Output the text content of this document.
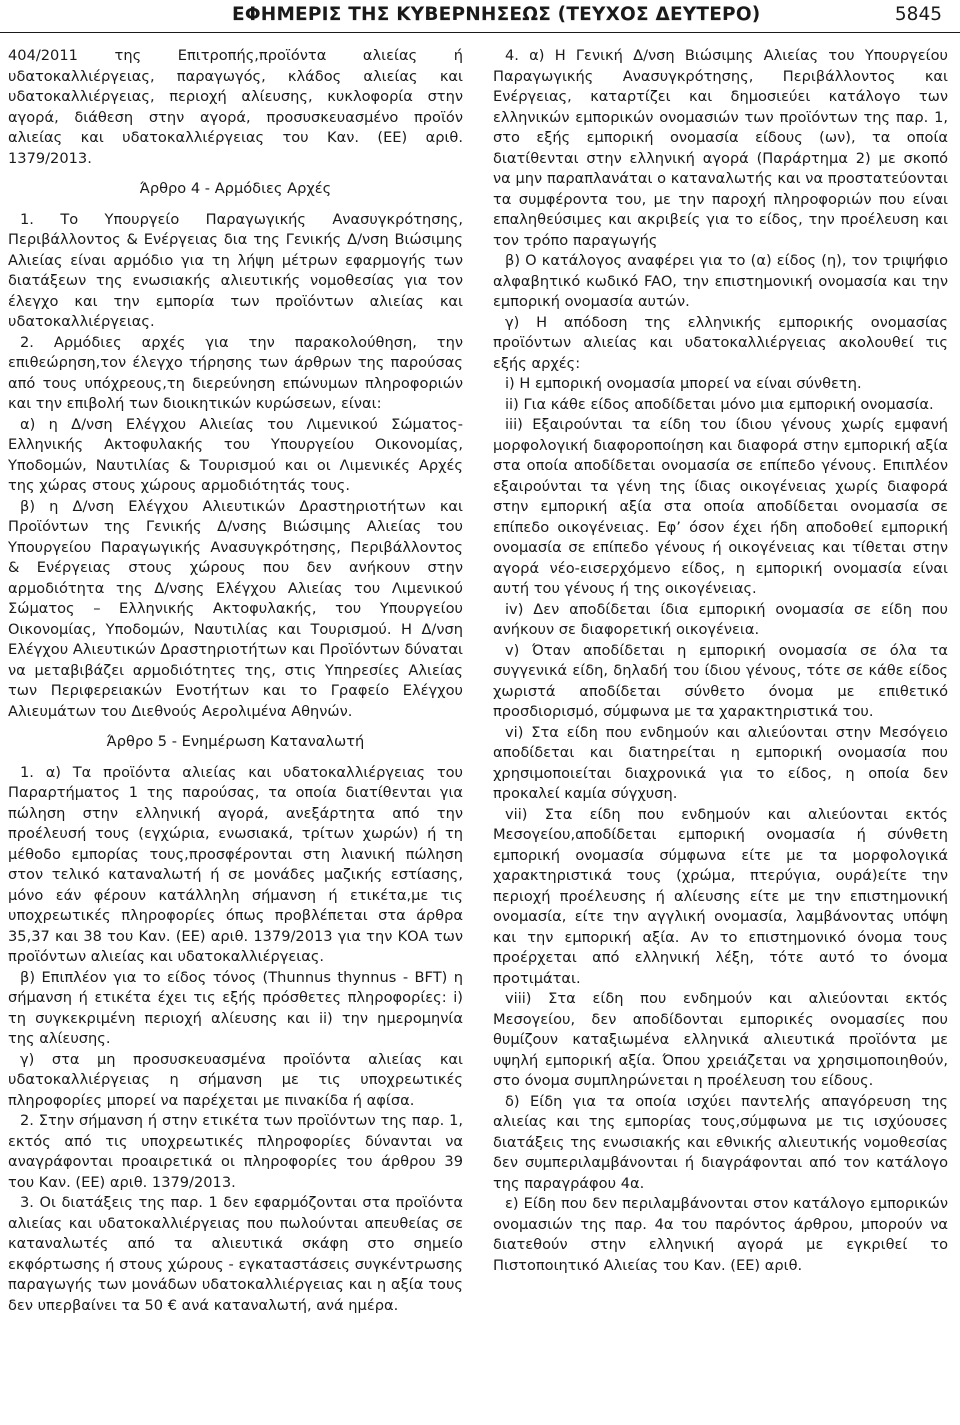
ΕΦΗΜΕΡΙΣ ΤΗΣ ΚΥΒΕΡΝΗΣΕΩΣ (ΤΕΥΧΟΣ ΔΕΥΤΕΡΟ)	5845

404/2011 της Επιτροπής,προϊόντα αλιείας ή υδατοκαλλιέργειας, παραγωγός, κλάδος αλιείας και υδατοκαλλιέργειας, περιοχή αλίευσης, κυκλοφορία στην αγορά, διάθεση στην αγορά, προσυσκευασμένο προϊόν αλιείας και υδατοκαλλιέργειας του Καν. (ΕΕ) αριθ. 1379/2013.

Άρθρο 4 - Αρμόδιες Αρχές

1. Το Υπουργείο Παραγωγικής Ανασυγκρότησης, Περιβάλλοντος & Ενέργειας δια της Γενικής Δ/νση Βιώσιμης Αλιείας είναι αρμόδιο για τη λήψη μέτρων εφαρμογής των διατάξεων της ενωσιακής αλιευτικής νομοθεσίας για τον έλεγχο και την εμπορία των προϊόντων αλιείας και υδατοκαλλιέργειας.

2. Αρμόδιες αρχές για την παρακολούθηση, την επιθεώρηση,τον έλεγχο τήρησης των άρθρων της παρούσας από τους υπόχρεους,τη διερεύνηση επώνυμων πληροφοριών και την επιβολή των διοικητικών κυρώσεων, είναι:

α) η Δ/νση Ελέγχου Αλιείας του Λιμενικού Σώματος-Ελληνικής Ακτοφυλακής του Υπουργείου Οικονομίας, Υποδομών, Ναυτιλίας & Τουρισμού και οι Λιμενικές Αρχές της χώρας στους χώρους αρμοδιότητάς τους.

β) η Δ/νση Ελέγχου Αλιευτικών Δραστηριοτήτων και Προϊόντων της Γενικής Δ/νσης Βιώσιμης Αλιείας του Υπουργείου Παραγωγικής Ανασυγκρότησης, Περιβάλλοντος & Ενέργειας στους χώρους που δεν ανήκουν στην αρμοδιότητα της Δ/νσης Ελέγχου Αλιείας του Λιμενικού Σώματος – Ελληνικής Ακτοφυλακής, του Υπουργείου Οικονομίας, Υποδομών, Ναυτιλίας και Τουρισμού. Η Δ/νση Ελέγχου Αλιευτικών Δραστηριοτήτων και Προϊόντων δύναται να μεταβιβάζει αρμοδιότητες της, στις Υπηρεσίες Αλιείας των Περιφερειακών Ενοτήτων και το Γραφείο Ελέγχου Αλιευμάτων του Διεθνούς Αερολιμένα Αθηνών.

Άρθρο 5 - Ενημέρωση Καταναλωτή

1. α) Τα προϊόντα αλιείας και υδατοκαλλιέργειας του Παραρτήματος 1 της παρούσας, τα οποία διατίθενται για πώληση στην ελληνική αγορά, ανεξάρτητα από την προέλευσή τους (εγχώρια, ενωσιακά, τρίτων χωρών) ή τη μέθοδο εμπορίας τους,προσφέρονται στη λιανική πώληση στον τελικό καταναλωτή ή σε μονάδες μαζικής εστίασης, μόνο εάν φέρουν κατάλληλη σήμανση ή ετικέτα,με τις υποχρεωτικές πληροφορίες όπως προβλέπεται στα άρθρα 35,37 και 38 του Καν. (ΕΕ) αριθ. 1379/2013 για την ΚΟΑ των προϊόντων αλιείας και υδατοκαλλιέργειας.

β) Επιπλέον για το είδος τόνος (Thunnus thynnus - BFT) η σήμανση ή ετικέτα έχει τις εξής πρόσθετες πληροφορίες: i) τη συγκεκριμένη περιοχή αλίευσης και ii) την ημερομηνία της αλίευσης.

γ) στα μη προσυσκευασμένα προϊόντα αλιείας και υδατοκαλλιέργειας η σήμανση με τις υποχρεωτικές πληροφορίες μπορεί να παρέχεται με πινακίδα ή αφίσα.

2. Στην σήμανση ή στην ετικέτα των προϊόντων της παρ. 1, εκτός από τις υποχρεωτικές πληροφορίες δύνανται να αναγράφονται προαιρετικά οι πληροφορίες του άρθρου 39 του Καν. (ΕΕ) αριθ. 1379/2013.

3. Οι διατάξεις της παρ. 1 δεν εφαρμόζονται στα προϊόντα αλιείας και υδατοκαλλιέργειας που πωλούνται απευθείας σε καταναλωτές από τα αλιευτικά σκάφη στο σημείο εκφόρτωσης ή στους χώρους - εγκαταστάσεις συγκέντρωσης παραγωγής των μονάδων υδατοκαλλιέργειας και η αξία τους δεν υπερβαίνει τα 50 € ανά καταναλωτή, ανά ημέρα.

4. α) Η Γενική Δ/νση Βιώσιμης Αλιείας του Υπουργείου Παραγωγικής Ανασυγκρότησης, Περιβάλλοντος και Ενέργειας, καταρτίζει και δημοσιεύει κατάλογο των ελληνικών εμπορικών ονομασιών των προϊόντων της παρ. 1, στο εξής εμπορική ονομασία είδους (ων), τα οποία διατίθενται στην ελληνική αγορά (Παράρτημα 2) με σκοπό να μην παραπλανάται ο καταναλωτής και να προστατεύονται τα συμφέροντα του, με την παροχή πληροφοριών που είναι επαληθεύσιμες και ακριβείς για το είδος, την προέλευση και τον τρόπο παραγωγής

β) Ο κατάλογος αναφέρει για το (α) είδος (η), τον τριψήφιο αλφαβητικό κωδικό FAO, την επιστημονική ονομασία και την εμπορική ονομασία αυτών.

γ) Η απόδοση της ελληνικής εμπορικής ονομασίας προϊόντων αλιείας και υδατοκαλλιέργειας ακολουθεί τις εξής αρχές:

i) Η εμπορική ονομασία μπορεί να είναι σύνθετη.

ii) Για κάθε είδος αποδίδεται μόνο μια εμπορική ονομασία.

iii) Εξαιρούνται τα είδη του ίδιου γένους χωρίς εμφανή μορφολογική διαφοροποίηση και διαφορά στην εμπορική αξία στα οποία αποδίδεται ονομασία σε επίπεδο γένους. Επιπλέον εξαιρούνται τα γένη της ίδιας οικογένειας χωρίς διαφορά στην εμπορική αξία στα οποία αποδίδεται ονομασία σε επίπεδο οικογένειας. Εφ’ όσον έχει ήδη αποδοθεί εμπορική ονομασία σε επίπεδο γένους ή οικογένειας και τίθεται στην αγορά νέο-εισερχόμενο είδος, η εμπορική ονομασία είναι αυτή του γένους ή της οικογένειας.

iv) Δεν αποδίδεται ίδια εμπορική ονομασία σε είδη που ανήκουν σε διαφορετική οικογένεια.

v) Όταν αποδίδεται η εμπορική ονομασία σε όλα τα συγγενικά είδη, δηλαδή του ίδιου γένους, τότε σε κάθε είδος χωριστά αποδίδεται σύνθετο όνομα με επιθετικό προσδιορισμό, σύμφωνα με τα χαρακτηριστικά του.

vi) Στα είδη που ενδημούν και αλιεύονται στην Μεσόγειο αποδίδεται και διατηρείται η εμπορική ονομασία που χρησιμοποιείται διαχρονικά για το είδος, η οποία δεν προκαλεί καμία σύγχυση.

vii) Στα είδη που ενδημούν και αλιεύονται εκτός Μεσογείου,αποδίδεται εμπορική ονομασία ή σύνθετη εμπορική ονομασία σύμφωνα είτε με τα μορφολογικά χαρακτηριστικά τους (χρώμα, πτερύγια, ουρά)είτε την περιοχή προέλευσης ή αλίευσης είτε με την επιστημονική ονομασία, είτε την αγγλική ονομασία, λαμβάνοντας υπόψη και την εμπορική αξία. Αν το επιστημονικό όνομα τους προέρχεται από ελληνική λέξη, τότε αυτό το όνομα προτιμάται.

viii) Στα είδη που ενδημούν και αλιεύονται εκτός Μεσογείου, δεν αποδίδονται εμπορικές ονομασίες που θυμίζουν καταξιωμένα ελληνικά αλιευτικά προϊόντα με υψηλή εμπορική αξία. Όπου χρειάζεται να χρησιμοποιηθούν, στο όνομα συμπληρώνεται η προέλευση του είδους.

δ) Είδη για τα οποία ισχύει παντελής απαγόρευση της αλιείας και της εμπορίας τους,σύμφωνα με τις ισχύουσες διατάξεις της ενωσιακής και εθνικής αλιευτικής νομοθεσίας δεν συμπεριλαμβάνονται ή διαγράφονται από τον κατάλογο της παραγράφου 4α.

ε) Είδη που δεν περιλαμβάνονται στον κατάλογο εμπορικών ονομασιών της παρ. 4α του παρόντος άρθρου, μπορούν να διατεθούν στην ελληνική αγορά με εγκριθεί το Πιστοποιητικό Αλιείας του Καν. (ΕΕ) αριθ.
